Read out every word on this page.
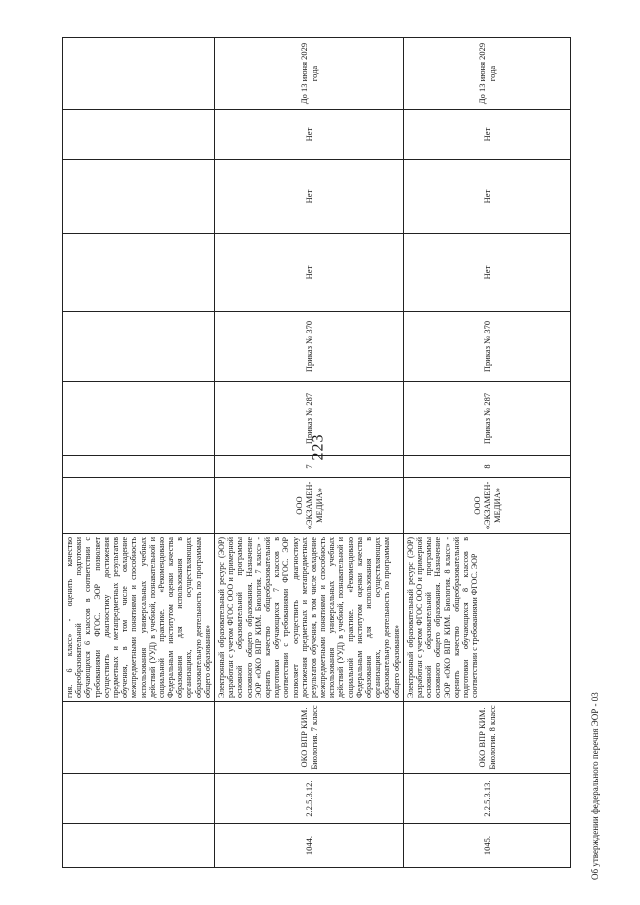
223
			гия. 6 класс» - оценить качество общеобразовательной подготовки обучающихся 6 классов в соответствии с требованиями ФГОС. ЭОР позволяет осуществить диагностику достижения предметных и метапредметных результатов обучения, в том числе овладение межпредметными понятиями и способность использования универсальных учебных действий (УУД) в учебной, познавательной и социальной практике. «Рекомендовано Федеральным институтом оценки качества образования для использования в организациях, осуществляющих образовательную деятельность по программам общего образования»								
1044.	2.2.5.3.12.	ОКО ВПР КИМ. Биология. 7 класс	Электронный образовательный ресурс (ЭОР) разработан с учетом ФГОС ООО и примерной основной образовательной программы основного общего образования. Назначение ЭОР «ОКО ВПР КИМ. Биология. 7 класс» - оценить качество общеобразовательной подготовки обучающихся 7 классов в соответствии с требованиями ФГОС. ЭОР позволяет осуществить диагностику достижения предметных и метапредметных результатов обучения, в том числе овладение межпредметными понятиями и способность использования универсальных учебных действий (УУД) в учебной, познавательной и социальной практике. «Рекомендовано Федеральным институтом оценки качества образования для использования в организациях, осуществляющих образовательную деятельность по программам общего образования»	ООО «ЭКЗАМЕН-МЕДИА»	7	Приказ № 287	Приказ № 370	Нет	Нет	Нет	До 13 июня 2029 года
1045.	2.2.5.3.13.	ОКО ВПР КИМ. Биология. 8 класс	Электронный образовательный ресурс (ЭОР) разработан с учетом ФГОС ООО и примерной основной образовательной программы основного общего образования. Назначение ЭОР «ОКО ВПР КИМ. Биология. 8 класс» - оценить качество общеобразовательной подготовки обучающихся 8 классов в соответствии с требованиями ФГОС. ЭОР	ООО «ЭКЗАМЕН-МЕДИА»	8	Приказ № 287	Приказ № 370	Нет	Нет	Нет	До 13 июня 2029 года
Об утверждении федерального перечня ЭОР - 03
